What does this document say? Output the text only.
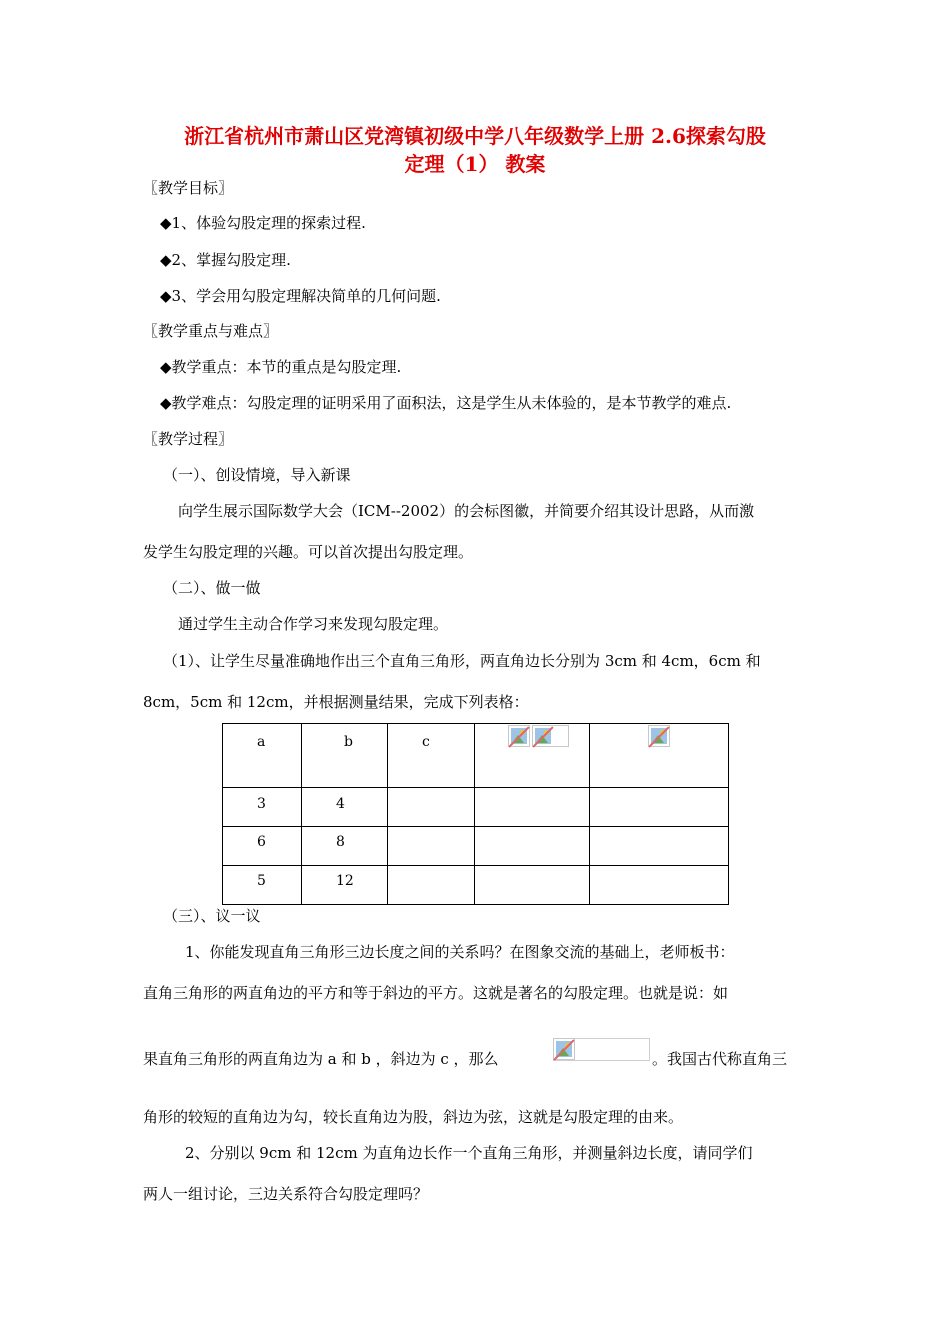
浙江省杭州市萧山区党湾镇初级中学八年级数学上册 2.6探索勾股
定理（1） 教案
〖教学目标〗
◆1、体验勾股定理的探索过程.
◆2、掌握勾股定理.
◆3、学会用勾股定理解决简单的几何问题.
〖教学重点与难点〗
◆教学重点：本节的重点是勾股定理.
◆教学难点：勾股定理的证明采用了面积法，这是学生从未体验的，是本节教学的难点.
〖教学过程〗
（一）、创设情境，导入新课
向学生展示国际数学大会（ICM--2002）的会标图徽，并简要介绍其设计思路，从而激
发学生勾股定理的兴趣。可以首次提出勾股定理。
（二）、做一做
通过学生主动合作学习来发现勾股定理。
（1）、让学生尽量准确地作出三个直角三角形，两直角边长分别为 3cm 和 4cm，6cm 和
8cm，5cm 和 12cm，并根据测量结果，完成下列表格：
a	b	c		

3	4			

6	8			

5	12			

（三）、议一议
1、你能发现直角三角形三边长度之间的关系吗？在图象交流的基础上，老师板书：
直角三角形的两直角边的平方和等于斜边的平方。这就是著名的勾股定理。也就是说：如
果直角三角形的两直角边为 a 和 b ，斜边为 c ，那么	。我国古代称直角三
角形的较短的直角边为勾，较长直角边为股，斜边为弦，这就是勾股定理的由来。
2、分别以 9cm 和 12cm 为直角边长作一个直角三角形，并测量斜边长度，请同学们
两人一组讨论，三边关系符合勾股定理吗？
